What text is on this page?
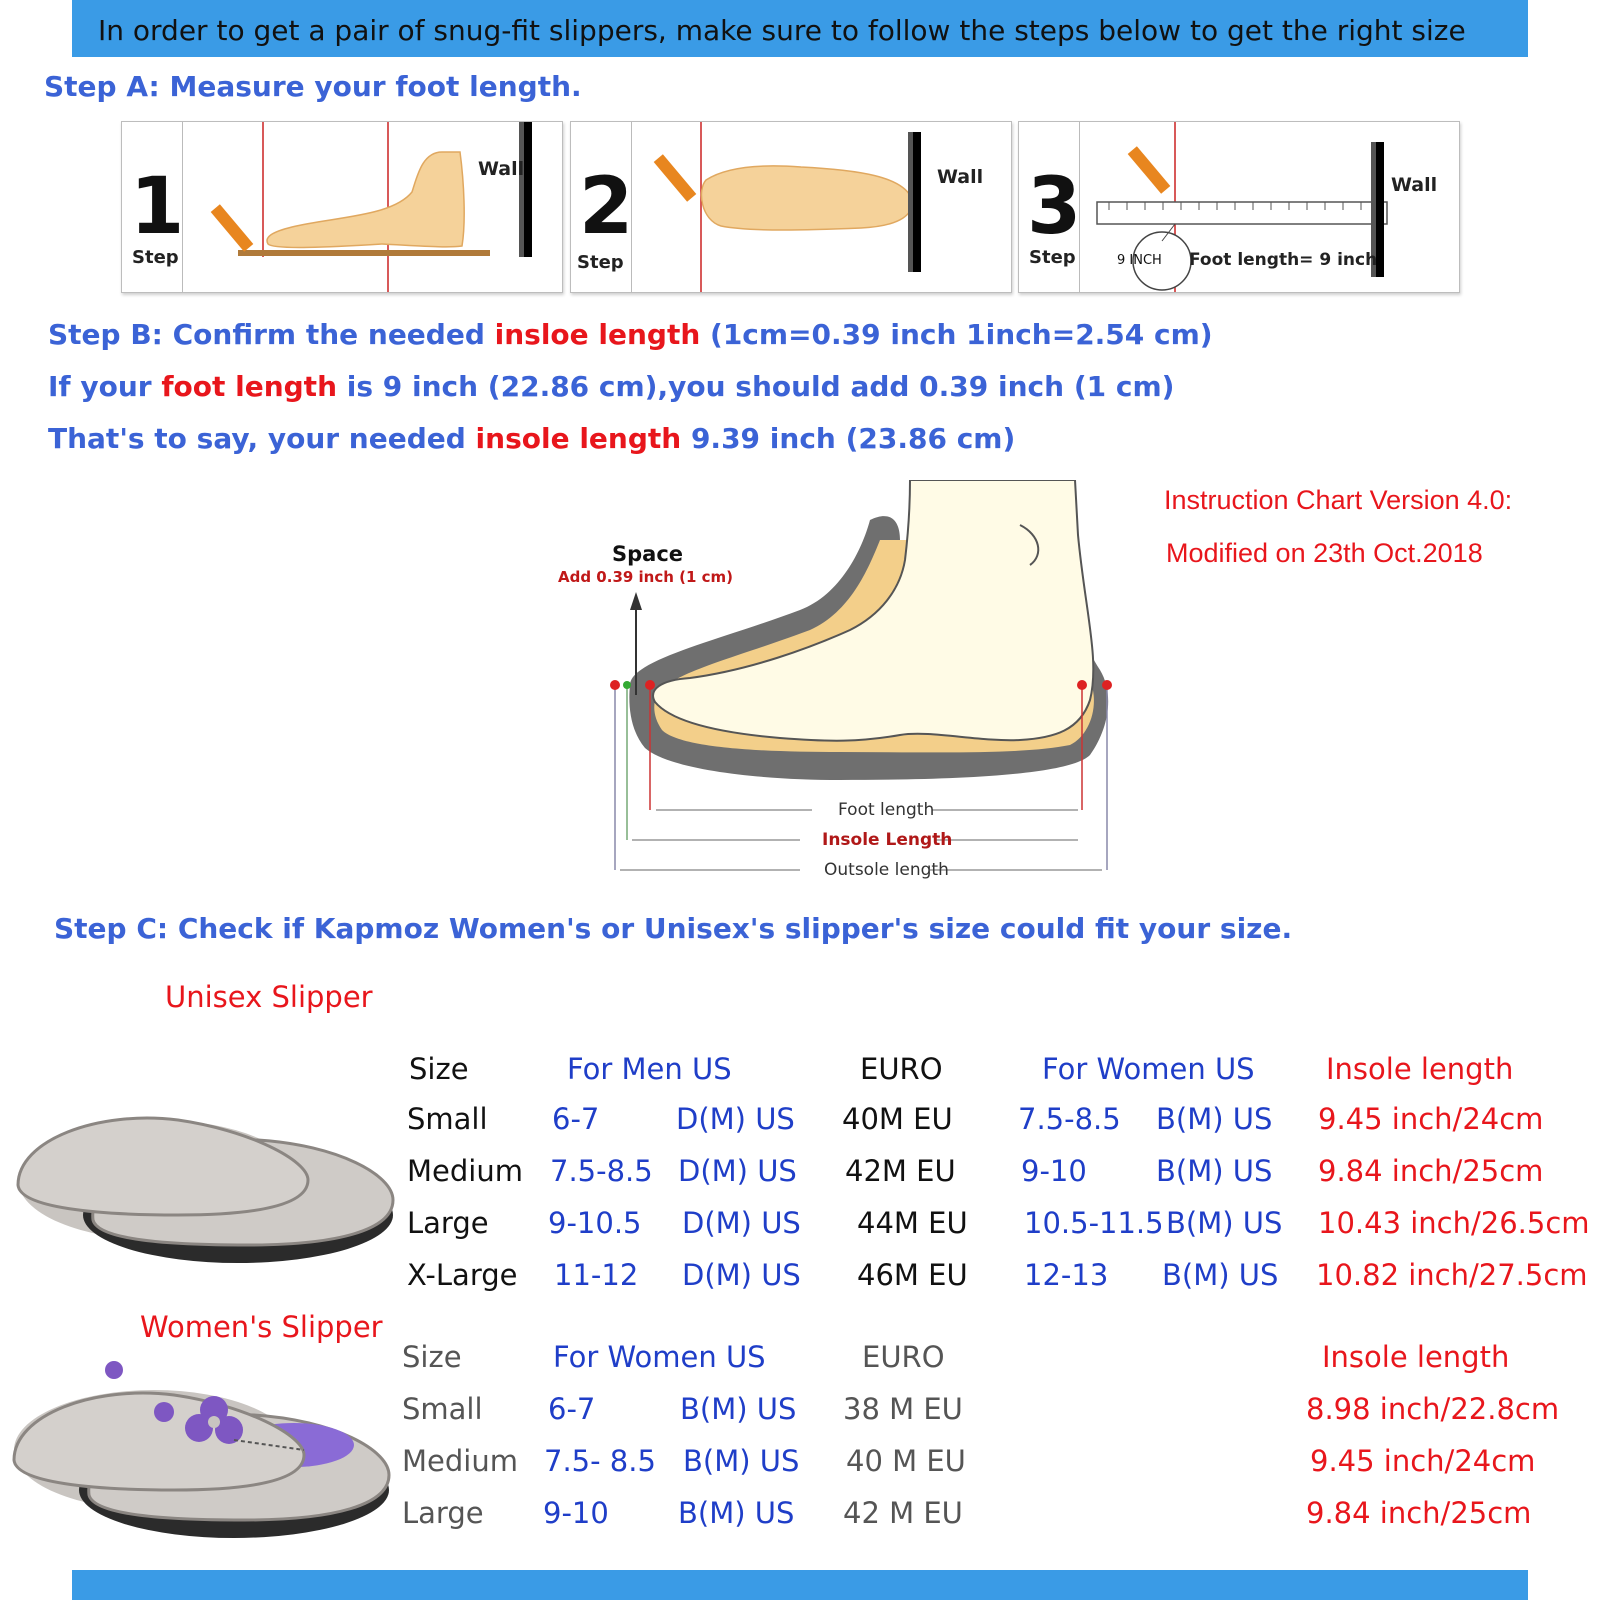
In order to get a pair of snug-fit slippers, make sure to follow the steps below to get the right size
Step A: Measure your foot length.
1
Step
Wall 2
Step
Wall 3
Step	9 INCH Foot length= 9 inch
Wall
Step B: Confirm the needed insloe length (1cm=0.39 inch 1inch=2.54 cm)
If your foot length is 9 inch (22.86 cm),you should add 0.39 inch (1 cm)
That's to say, your needed insole length 9.39 inch (23.86 cm)
Space
Add 0.39 inch (1 cm)
Foot length
Insole Length
Outsole length
Instruction Chart Version 4.0:
Modified on 23th Oct.2018
Step C: Check if Kapmoz Women's or Unisex's slipper's size could fit your size.
Unisex Slipper
Size	For Men US	EURO	For Women US Insole length
Small 6-7	D(M) US 40M EU 7.5-8.5 B(M) US 9.45 inch/24cm
Medium 7.5-8.5 D(M) US 42M EU 9-10 B(M) US 9.84 inch/25cm
Large 9-10.5 D(M) US 44M EU 10.5-11.5 B(M) US 10.43 inch/26.5cm
X-Large 11-12 D(M) US 46M EU 12-13 B(M) US 10.82 inch/27.5cm
Women's Slipper
Size	For Women US	EURO	Insole length
Small 6-7	B(M) US 38 M EU	8.98 inch/22.8cm
Medium 7.5- 8.5 B(M) US 40 M EU	9.45 inch/24cm
Large 9-10 B(M) US 42 M EU	9.84 inch/25cm
